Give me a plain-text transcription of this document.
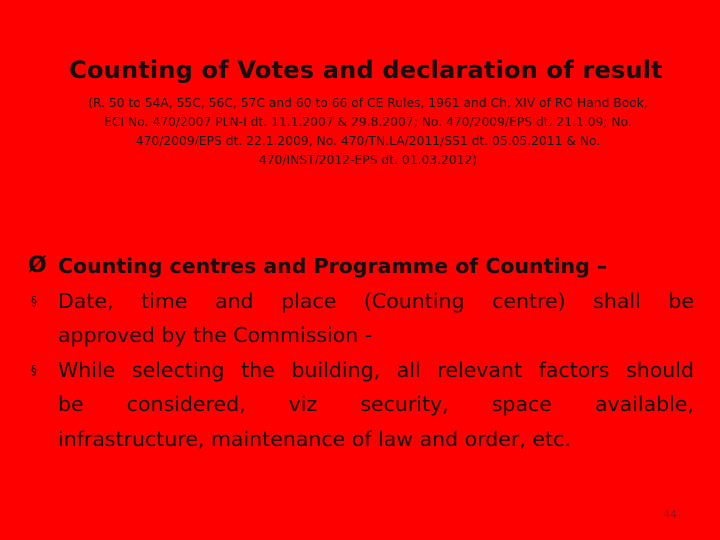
Counting of Votes and declaration of result
(R. 50 to 54A, 55C, 56C, 57C and 60 to 66 of CE Rules, 1961 and Ch. XIV of RO Hand Book,
ECI No. 470/2007 PLN-I dt. 11.1.2007 & 29.8.2007; No. 470/2009/EPS dt. 21.1.09; No.
470/2009/EPS dt. 22.1.2009, No. 470/TN.LA/2011/SS1 dt. 05.05.2011 & No.
470/INST/2012-EPS dt. 01.03.2012)
Ø Counting centres and Programme of Counting –
§	Date, time and place (Counting centre) shall be
approved by the Commission -
§	While selecting the building, all relevant factors should
be considered, viz security, space available,
infrastructure, maintenance of law and order, etc.
44
